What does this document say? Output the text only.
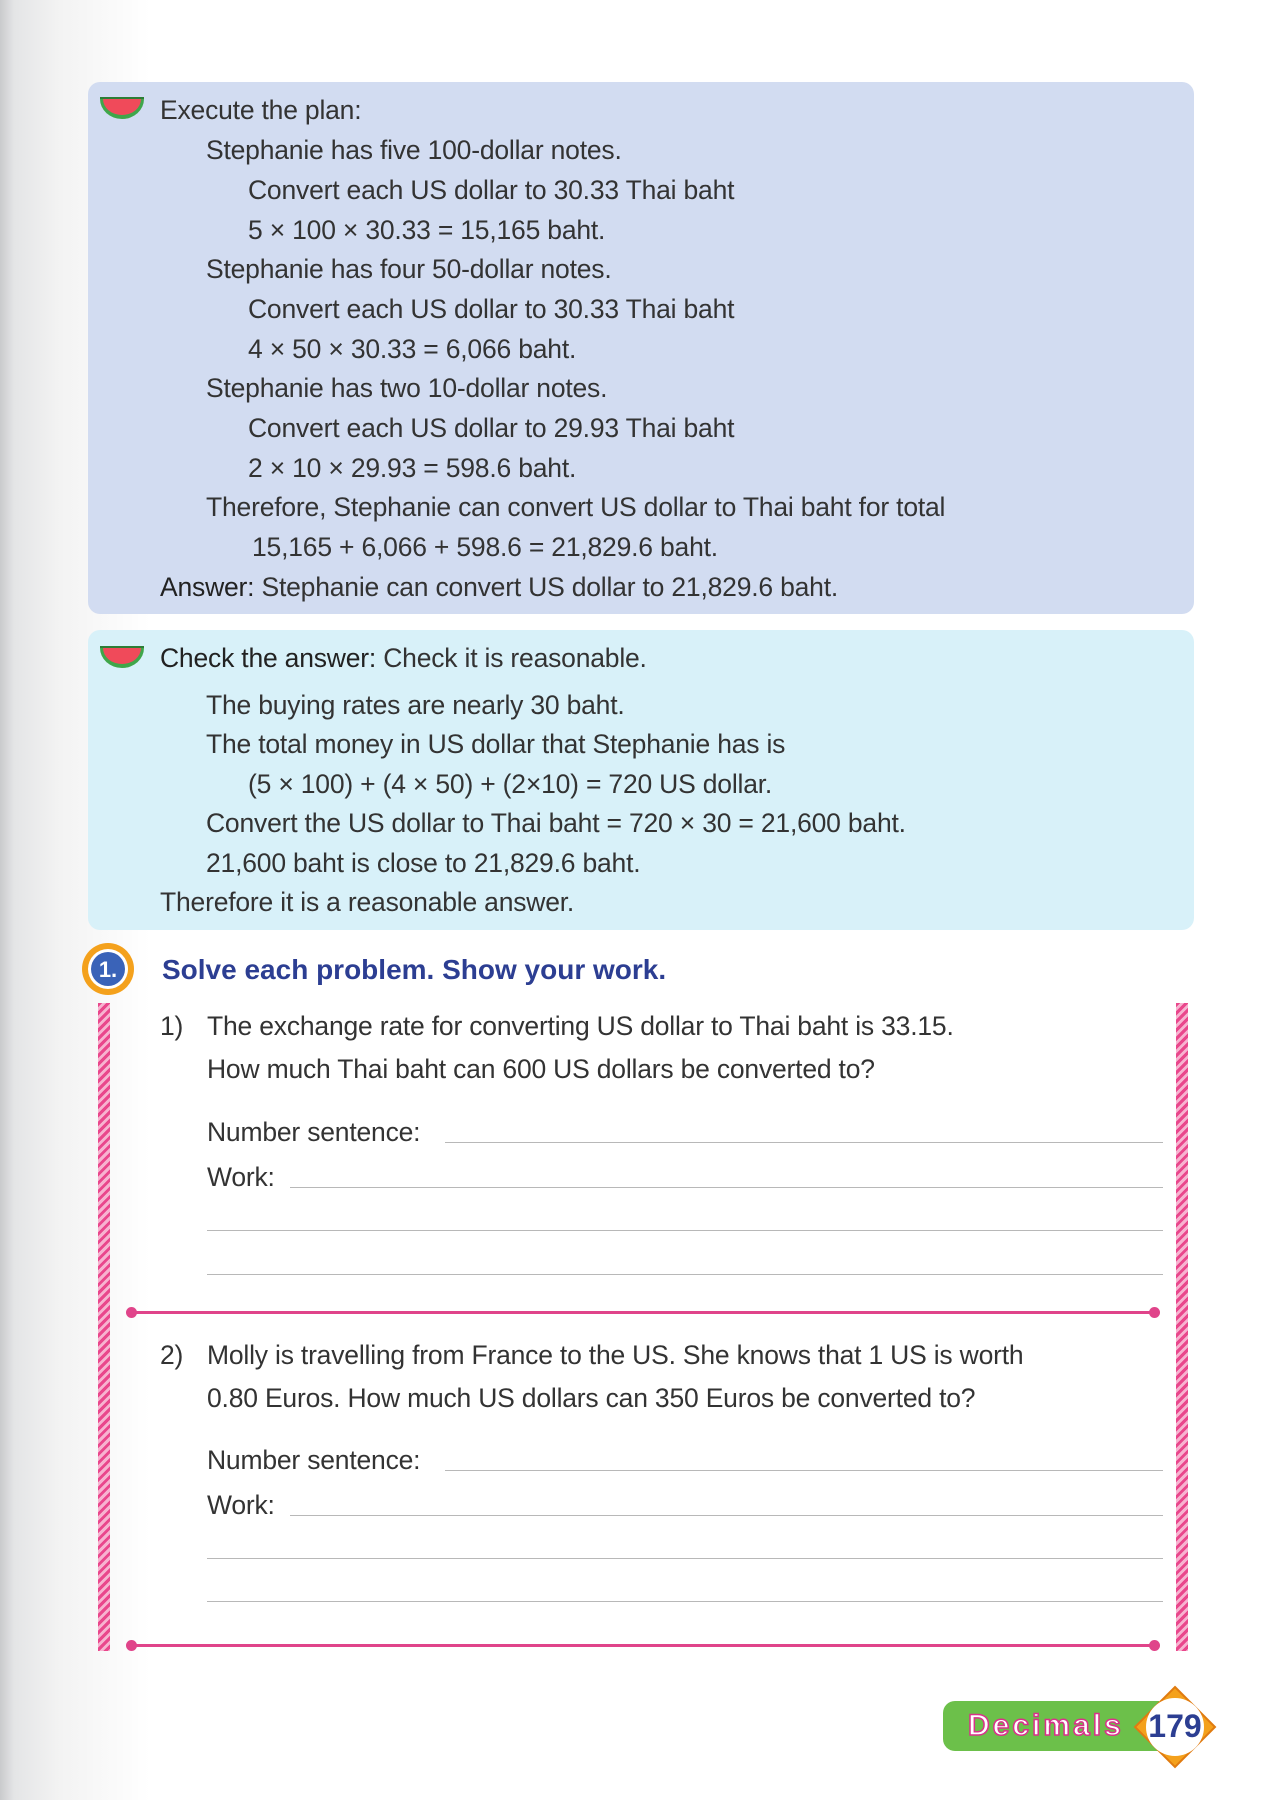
Execute the plan:
Stephanie has five 100-dollar notes.
Convert each US dollar to 30.33 Thai baht
5 × 100 × 30.33 = 15,165 baht.
Stephanie has four 50-dollar notes.
Convert each US dollar to 30.33 Thai baht
4 × 50 × 30.33 = 6,066 baht.
Stephanie has two 10-dollar notes.
Convert each US dollar to 29.93 Thai baht
2 × 10 × 29.93 = 598.6 baht.
Therefore, Stephanie can convert US dollar to Thai baht for total
15,165 + 6,066 + 598.6 = 21,829.6 baht.
Answer: Stephanie can convert US dollar to 21,829.6 baht.
Check the answer: Check it is reasonable.
The buying rates are nearly 30 baht.
The total money in US dollar that Stephanie has is
(5 × 100) + (4 × 50) + (2×10) = 720 US dollar.
Convert the US dollar to Thai baht = 720 × 30 = 21,600 baht.
21,600 baht is close to 21,829.6 baht.
Therefore it is a reasonable answer.
1. Solve each problem. Show your work.
1) The exchange rate for converting US dollar to Thai baht is 33.15.
How much Thai baht can 600 US dollars be converted to?
Number sentence:
Work:
2) Molly is travelling from France to the US. She knows that 1 US is worth
0.80 Euros. How much US dollars can 350 Euros be converted to?
Number sentence:
Work:
Decimals 179
